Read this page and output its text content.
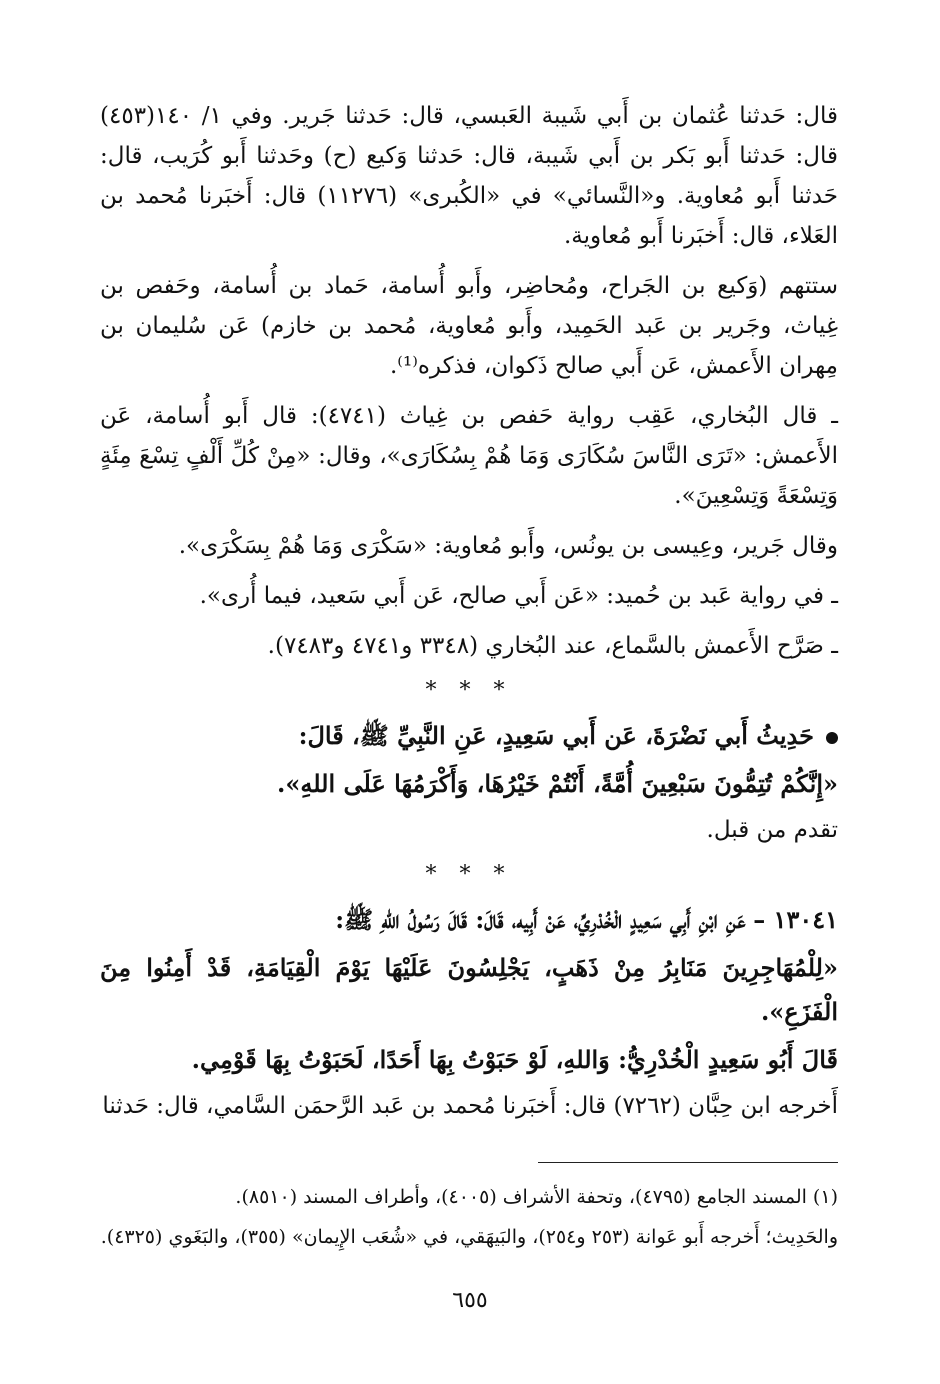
قال: حَدثنا عُثمان بن أَبي شَيبة العَبسي، قال: حَدثنا جَرير. وفي ١/ ١٤٠(٤٥٣) قال: حَدثنا أَبو بَكر بن أَبي شَيبة، قال: حَدثنا وَكيع (ح) وحَدثنا أَبو كُرَيب، قال: حَدثنا أَبو مُعاوية. و«النَّسائي» في «الكُبرى» (١١٢٧٦) قال: أَخبَرنا مُحمد بن العَلاء، قال: أَخبَرنا أَبو مُعاوية.

ستتهم (وَكيع بن الجَراح، ومُحاضِر، وأَبو أُسامة، حَماد بن أُسامة، وحَفص بن غِياث، وجَرير بن عَبد الحَمِيد، وأَبو مُعاوية، مُحمد بن خازم) عَن سُليمان بن مِهران الأَعمش، عَن أَبي صالح ذَكوان، فذكره⁽¹⁾.

ـ قال البُخاري، عَقِب رواية حَفص بن غِياث (٤٧٤١): قال أَبو أُسامة، عَن الأَعمش: «تَرَى النَّاسَ سُكَارَى وَمَا هُمْ بِسُكَارَى»، وقال: «مِنْ كُلِّ أَلْفٍ تِسْعَ مِئَةٍ وَتِسْعَةً وَتِسْعِينَ».

وقال جَرير، وعِيسى بن يونُس، وأَبو مُعاوية: «سَكْرَى وَمَا هُمْ بِسَكْرَى».

ـ في رواية عَبد بن حُميد: «عَن أَبي صالح، عَن أَبي سَعيد، فيما أُرى».

ـ صَرَّح الأَعمش بالسَّماع، عند البُخاري (٣٣٤٨ و٤٧٤١ و٧٤٨٣).

* * *

حَدِيثُ أَبي نَضْرَةَ، عَن أَبي سَعِيدٍ، عَنِ النَّبِيِّ ﷺ، قَالَ:

«إِنَّكُمْ تُتِمُّونَ سَبْعِينَ أُمَّةً، أَنْتُمْ خَيْرُهَا، وَأَكْرَمُهَا عَلَى اللهِ».

تقدم من قبل.

* * *

١٣٠٤١ – عَنِ ابْنِ أَبِي سَعِيدٍ الْخُدْرِيِّ، عَنْ أَبِيه، قَالَ: قَالَ رَسُولُ اللهِ ﷺ:

«لِلْمُهَاجِرِينَ مَنَابِرُ مِنْ ذَهَبٍ، يَجْلِسُونَ عَلَيْهَا يَوْمَ الْقِيَامَةِ، قَدْ أَمِنُوا مِنَ الْفَزَعِ».

قَالَ أَبُو سَعِيدٍ الْخُدْرِيُّ: وَاللهِ، لَوْ حَبَوْتُ بِهَا أَحَدًا، لَحَبَوْتُ بِهَا قَوْمِي.

أَخرجه ابن حِبَّان (٧٢٦٢) قال: أَخبَرنا مُحمد بن عَبد الرَّحمَن السَّامي، قال: حَدثنا

(١) المسند الجامع (٤٧٩٥)، وتحفة الأشراف (٤٠٠٥)، وأطراف المسند (٨٥١٠).

والحَدِيث؛ أَخرجه أَبو عَوانة (٢٥٣ و٢٥٤)، والبَيهَقي، في «شُعَب الإِيمان» (٣٥٥)، والبَغَوي (٤٣٢٥).

٦٥٥
